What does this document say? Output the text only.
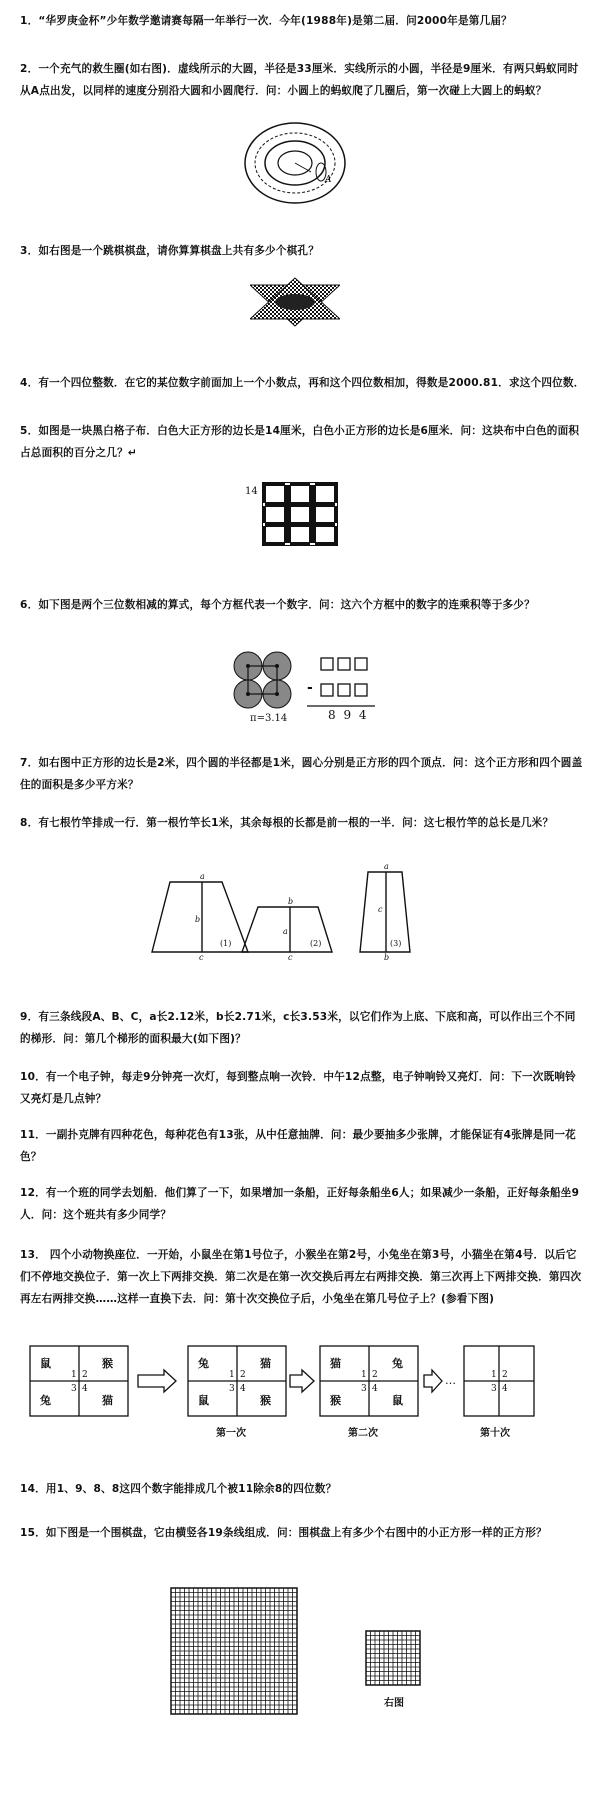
1．“华罗庚金杯”少年数学邀请赛每隔一年举行一次．今年(1988年)是第二届．问2000年是第几届？
2．一个充气的救生圈(如右图)．虚线所示的大圆，半径是33厘米．实线所示的小圆，半径是9厘米．有两只蚂蚁同时从A点出发，以同样的速度分别沿大圆和小圆爬行．问：小圆上的蚂蚁爬了几圈后，第一次碰上大圆上的蚂蚁？
A
3．如右图是一个跳棋棋盘，请你算算棋盘上共有多少个棋孔？
4．有一个四位整数．在它的某位数字前面加上一个小数点，再和这个四位数相加，得数是2000.81．求这个四位数．
5．如图是一块黑白格子布．白色大正方形的边长是14厘米，白色小正方形的边长是6厘米．问：这块布中白色的面积占总面积的百分之几？↵
14
6．如下图是两个三位数相减的算式，每个方框代表一个数字．问：这六个方框中的数字的连乘积等于多少？
π=3.14
-
8 9 4
7．如右图中正方形的边长是2米，四个圆的半径都是1米，圆心分别是正方形的四个顶点．问：这个正方形和四个圆盖住的面积是多少平方米？
8．有七根竹竿排成一行．第一根竹竿长1米，其余每根的长都是前一根的一半．问：这七根竹竿的总长是几米？
a
b
c
b
a
c
a
c
b
(1)	(2)	(3)
9．有三条线段A、B、C，a长2.12米，b长2.71米，c长3.53米，以它们作为上底、下底和高，可以作出三个不同的梯形．问：第几个梯形的面积最大(如下图)？
10．有一个电子钟，每走9分钟亮一次灯，每到整点响一次铃．中午12点整，电子钟响铃又亮灯．问：下一次既响铃又亮灯是几点钟？
11．一副扑克牌有四种花色，每种花色有13张，从中任意抽牌．问：最少要抽多少张牌，才能保证有4张牌是同一花色？
12．有一个班的同学去划船．他们算了一下，如果增加一条船，正好每条船坐6人；如果减少一条船，正好每条船坐9人．问：这个班共有多少同学？
13． 四个小动物换座位．一开始，小鼠坐在第1号位子，小猴坐在第2号，小兔坐在第3号，小猫坐在第4号．以后它们不停地交换位子．第一次上下两排交换．第二次是在第一次交换后再左右两排交换．第三次再上下两排交换．第四次再左右两排交换……这样一直换下去．问：第十次交换位子后，小兔坐在第几号位子上？(参看下图)
鼠	猴
兔	猫
兔	猫
鼠	猴
猫	兔
猴	鼠
1 2
3 4
1 2
3 4
1 2
3 4
1 2
3 4
…
第一次	第二次	第十次
14．用1、9、8、8这四个数字能排成几个被11除余8的四位数？
15．如下图是一个围棋盘，它由横竖各19条线组成．问：围棋盘上有多少个右图中的小正方形一样的正方形？
右图
